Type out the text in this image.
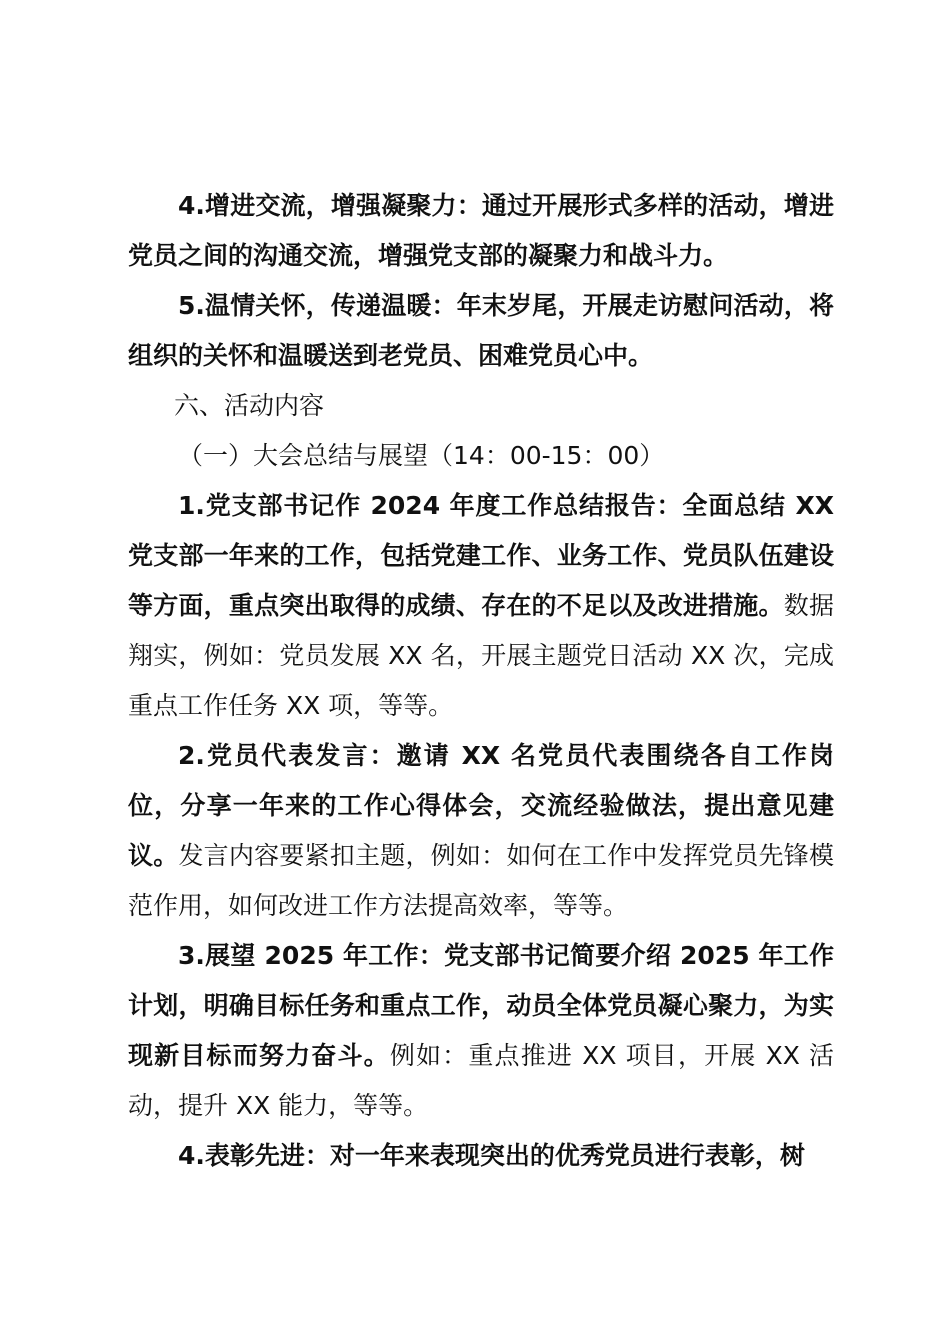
4.增进交流，增强凝聚力：通过开展形式多样的活动，增进党员之间的沟通交流，增强党支部的凝聚力和战斗力。

5.温情关怀，传递温暖：年末岁尾，开展走访慰问活动，将组织的关怀和温暖送到老党员、困难党员心中。

六、活动内容

（一）大会总结与展望（14：00-15：00）

1.党支部书记作 2024 年度工作总结报告：全面总结 XX 党支部一年来的工作，包括党建工作、业务工作、党员队伍建设等方面，重点突出取得的成绩、存在的不足以及改进措施。数据翔实，例如：党员发展 XX 名，开展主题党日活动 XX 次，完成重点工作任务 XX 项，等等。

2.党员代表发言：邀请 XX 名党员代表围绕各自工作岗位，分享一年来的工作心得体会，交流经验做法，提出意见建议。发言内容要紧扣主题，例如：如何在工作中发挥党员先锋模范作用，如何改进工作方法提高效率，等等。

3.展望 2025 年工作：党支部书记简要介绍 2025 年工作计划，明确目标任务和重点工作，动员全体党员凝心聚力，为实现新目标而努力奋斗。例如：重点推进 XX 项目，开展 XX 活动，提升 XX 能力，等等。

4.表彰先进：对一年来表现突出的优秀党员进行表彰，树
